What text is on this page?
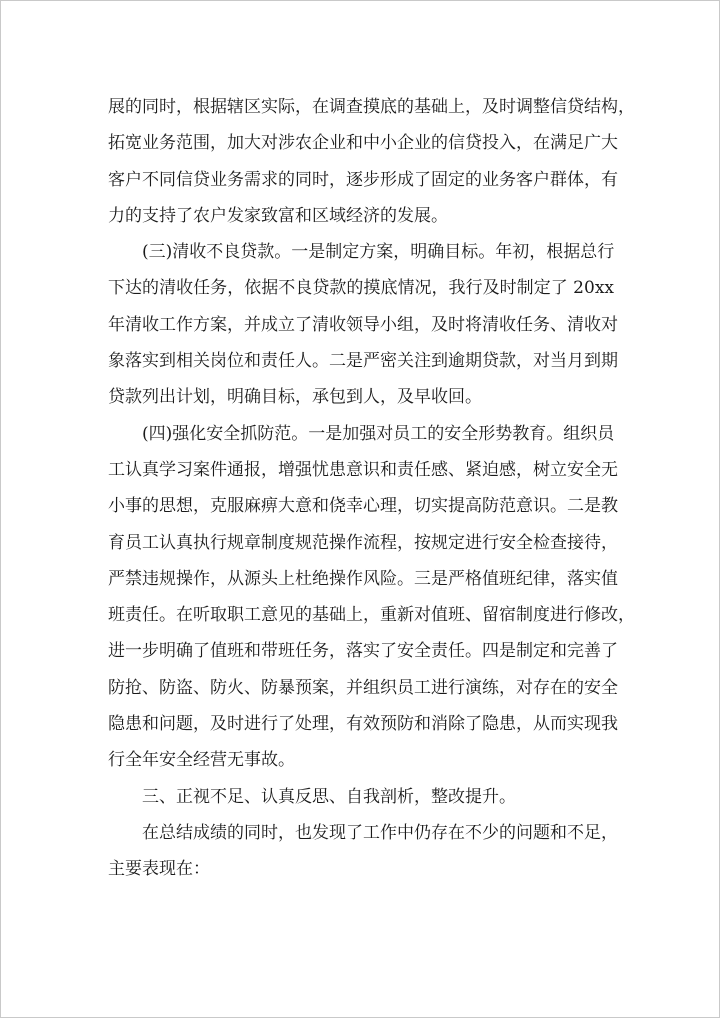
展的同时，根据辖区实际，在调查摸底的基础上，及时调整信贷结构，
拓宽业务范围，加大对涉农企业和中小企业的信贷投入，在满足广大
客户不同信贷业务需求的同时，逐步形成了固定的业务客户群体，有
力的支持了农户发家致富和区域经济的发展。
(三)清收不良贷款。一是制定方案，明确目标。年初，根据总行
下达的清收任务，依据不良贷款的摸底情况，我行及时制定了 20xx
年清收工作方案，并成立了清收领导小组，及时将清收任务、清收对
象落实到相关岗位和责任人。二是严密关注到逾期贷款，对当月到期
贷款列出计划，明确目标，承包到人，及早收回。
(四)强化安全抓防范。一是加强对员工的安全形势教育。组织员
工认真学习案件通报，增强忧患意识和责任感、紧迫感，树立安全无
小事的思想，克服麻痹大意和侥幸心理，切实提高防范意识。二是教
育员工认真执行规章制度规范操作流程，按规定进行安全检查接待，
严禁违规操作，从源头上杜绝操作风险。三是严格值班纪律，落实值
班责任。在听取职工意见的基础上，重新对值班、留宿制度进行修改，
进一步明确了值班和带班任务，落实了安全责任。四是制定和完善了
防抢、防盗、防火、防暴预案，并组织员工进行演练，对存在的安全
隐患和问题，及时进行了处理，有效预防和消除了隐患，从而实现我
行全年安全经营无事故。
三、正视不足、认真反思、自我剖析，整改提升。
在总结成绩的同时，也发现了工作中仍存在不少的问题和不足，
主要表现在：
